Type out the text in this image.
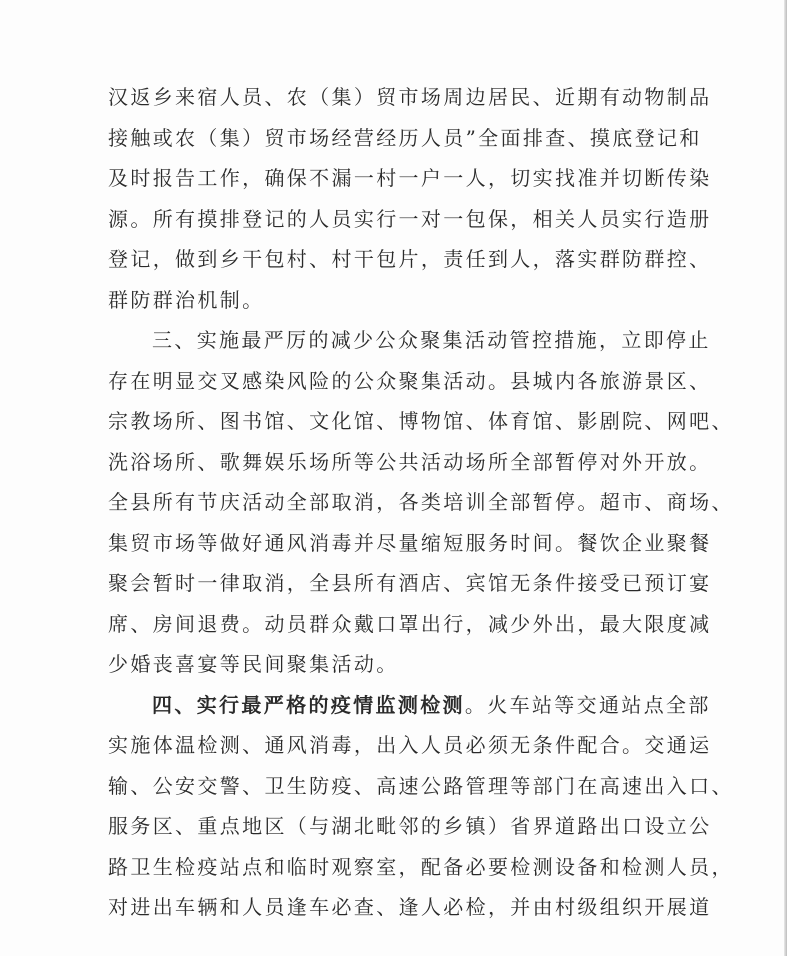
汉返乡来宿人员、农（集）贸市场周边居民、近期有动物制品
接触或农（集）贸市场经营经历人员”全面排查、摸底登记和
及时报告工作，确保不漏一村一户一人，切实找准并切断传染
源。所有摸排登记的人员实行一对一包保，相关人员实行造册
登记，做到乡干包村、村干包片，责任到人，落实群防群控、
群防群治机制。
三、实施最严厉的减少公众聚集活动管控措施，立即停止
存在明显交叉感染风险的公众聚集活动。县城内各旅游景区、
宗教场所、图书馆、文化馆、博物馆、体育馆、影剧院、网吧、
洗浴场所、歌舞娱乐场所等公共活动场所全部暂停对外开放。
全县所有节庆活动全部取消，各类培训全部暂停。超市、商场、
集贸市场等做好通风消毒并尽量缩短服务时间。餐饮企业聚餐
聚会暂时一律取消，全县所有酒店、宾馆无条件接受已预订宴
席、房间退费。动员群众戴口罩出行，减少外出，最大限度减
少婚丧喜宴等民间聚集活动。
四、实行最严格的疫情监测检测。火车站等交通站点全部
实施体温检测、通风消毒，出入人员必须无条件配合。交通运
输、公安交警、卫生防疫、高速公路管理等部门在高速出入口、
服务区、重点地区（与湖北毗邻的乡镇）省界道路出口设立公
路卫生检疫站点和临时观察室，配备必要检测设备和检测人员，
对进出车辆和人员逢车必查、逢人必检，并由村级组织开展道
